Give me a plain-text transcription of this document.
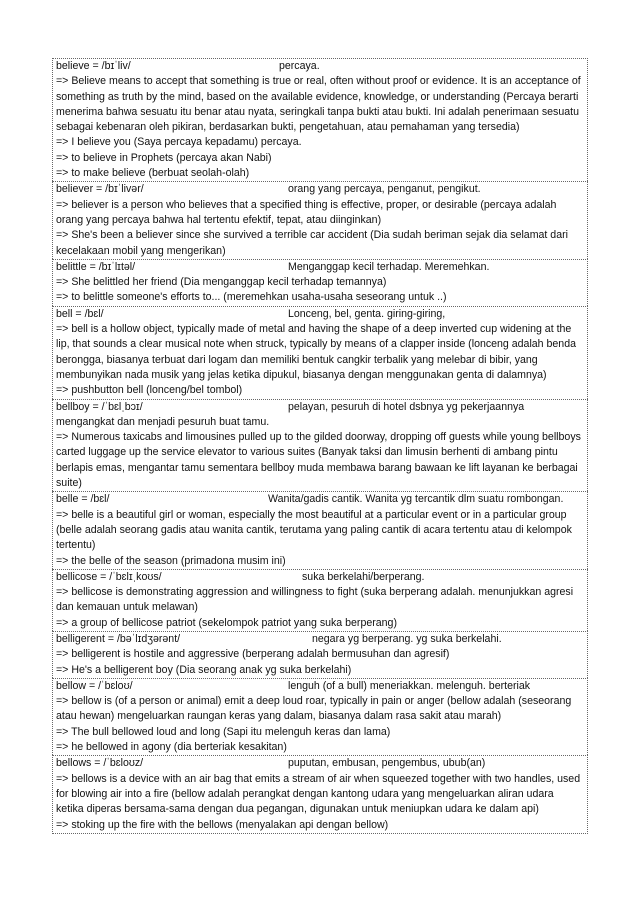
believe = /bɪˈliv/	percaya.
=> Believe means to accept that something is true or real, often without proof or evidence. It is an acceptance of something as truth by the mind, based on the available evidence, knowledge, or understanding (Percaya berarti menerima bahwa sesuatu itu benar atau nyata, seringkali tanpa bukti atau bukti. Ini adalah penerimaan sesuatu sebagai kebenaran oleh pikiran, berdasarkan bukti, pengetahuan, atau pemahaman yang tersedia)
=> I believe you (Saya percaya kepadamu) percaya.
=> to believe in Prophets (percaya akan Nabi)
=> to make believe (berbuat seolah-olah)
believer = /bɪˈlivər/	orang yang percaya, penganut, pengikut.
=> believer is a person who believes that a specified thing is effective, proper, or desirable (percaya adalah orang yang percaya bahwa hal tertentu efektif, tepat, atau diinginkan)
=> She's been a believer since she survived a terrible car accident (Dia sudah beriman sejak dia selamat dari kecelakaan mobil yang mengerikan)
belittle = /bɪˈlɪtəl/	Menganggap kecil terhadap. Meremehkan.
=> She belittled her friend (Dia menganggap kecil terhadap temannya)
=> to belittle someone's efforts to... (meremehkan usaha-usaha seseorang untuk ..)
bell = /bɛl/	Lonceng, bel, genta. giring-giring,
=> bell is a hollow object, typically made of metal and having the shape of a deep inverted cup widening at the lip, that sounds a clear musical note when struck, typically by means of a clapper inside (lonceng adalah benda berongga, biasanya terbuat dari logam dan memiliki bentuk cangkir terbalik yang melebar di bibir, yang membunyikan nada musik yang jelas ketika dipukul, biasanya dengan menggunakan genta di dalamnya)
=> pushbutton bell (lonceng/bel tombol)
bellboy = /ˈbɛlˌbɔɪ/	pelayan, pesuruh di hotel dsbnya yg pekerjaannya
mengangkat dan menjadi pesuruh buat tamu.
=> Numerous taxicabs and limousines pulled up to the gilded doorway, dropping off guests while young bellboys carted luggage up the service elevator to various suites (Banyak taksi dan limusin berhenti di ambang pintu berlapis emas, mengantar tamu sementara bellboy muda membawa barang bawaan ke lift layanan ke berbagai suite)
belle = /bɛl/	Wanita/gadis cantik. Wanita yg tercantik dlm suatu rombongan.
=> belle is a beautiful girl or woman, especially the most beautiful at a particular event or in a particular group (belle adalah seorang gadis atau wanita cantik, terutama yang paling cantik di acara tertentu atau di kelompok tertentu)
=> the belle of the season (primadona musim ini)
bellicose = /ˈbɛlɪˌkoʊs/	suka berkelahi/berperang.
=> bellicose is demonstrating aggression and willingness to fight (suka berperang adalah. menunjukkan agresi dan kemauan untuk melawan)
=> a group of bellicose patriot (sekelompok patriot yang suka berperang)
belligerent = /bəˈlɪdʒərənt/	negara yg berperang. yg suka berkelahi.
=> belligerent is hostile and aggressive (berperang adalah bermusuhan dan agresif)
=> He's a belligerent boy (Dia seorang anak yg suka berkelahi)
bellow = /ˈbɛloʊ/	lenguh (of a bull) meneriakkan. melenguh. berteriak
=> bellow is (of a person or animal) emit a deep loud roar, typically in pain or anger (bellow adalah (seseorang atau hewan) mengeluarkan raungan keras yang dalam, biasanya dalam rasa sakit atau marah)
=> The bull bellowed loud and long (Sapi itu melenguh keras dan lama)
=> he bellowed in agony (dia berteriak kesakitan)
bellows = /ˈbɛloʊz/	puputan, embusan, pengembus, ubub(an)
=> bellows is a device with an air bag that emits a stream of air when squeezed together with two handles, used for blowing air into a fire (bellow adalah perangkat dengan kantong udara yang mengeluarkan aliran udara ketika diperas bersama-sama dengan dua pegangan, digunakan untuk meniupkan udara ke dalam api)
=> stoking up the fire with the bellows (menyalakan api dengan bellow)
